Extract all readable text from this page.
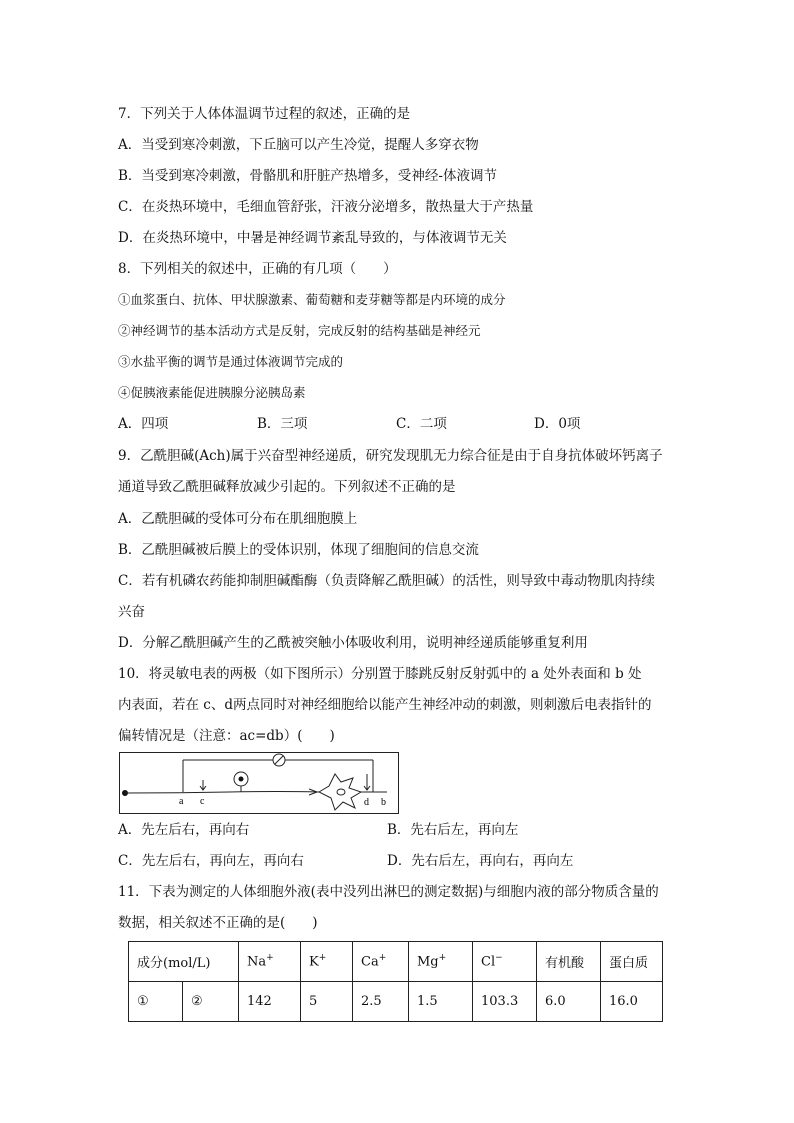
7．下列关于人体体温调节过程的叙述，正确的是
A．当受到寒冷刺激，下丘脑可以产生冷觉，提醒人多穿衣物
B．当受到寒冷刺激，骨骼肌和肝脏产热增多，受神经-体液调节
C．在炎热环境中，毛细血管舒张，汗液分泌增多，散热量大于产热量
D．在炎热环境中，中暑是神经调节紊乱导致的，与体液调节无关
8．下列相关的叙述中，正确的有几项（　　）
①血浆蛋白、抗体、甲状腺激素、葡萄糖和麦芽糖等都是内环境的成分
②神经调节的基本活动方式是反射，完成反射的结构基础是神经元
③水盐平衡的调节是通过体液调节完成的
④促胰液素能促进胰腺分泌胰岛素
A．四项	B．三项	C．二项	D．0项
9．乙酰胆碱(Ach)属于兴奋型神经递质，研究发现肌无力综合征是由于自身抗体破坏钙离子
通道导致乙酰胆碱释放减少引起的。下列叙述不正确的是
A．乙酰胆碱的受体可分布在肌细胞膜上
B．乙酰胆碱被后膜上的受体识别，体现了细胞间的信息交流
C．若有机磷农药能抑制胆碱酯酶（负责降解乙酰胆碱）的活性，则导致中毒动物肌肉持续
兴奋
D．分解乙酰胆碱产生的乙酰被突触小体吸收利用，说明神经递质能够重复利用
10．将灵敏电表的两极（如下图所示）分别置于膝跳反射反射弧中的 a 处外表面和 b 处
内表面，若在 c、d两点同时对神经细胞给以能产生神经冲动的刺激，则刺激后电表指针的
偏转情况是（注意：ac=db）(　　)
a c	d b
A．先左后右，再向右	B．先右后左，再向左
C．先左后右，再向左，再向右	D．先右后左，再向右，再向左
11．下表为测定的人体细胞外液(表中没列出淋巴的测定数据)与细胞内液的部分物质含量的
数据，相关叙述不正确的是(　　)
成分(mol/L)		Na+	K+	Ca+	Mg+	Cl−	有机酸	蛋白质
①	②	142	5	2.5	1.5	103.3	6.0	16.0
